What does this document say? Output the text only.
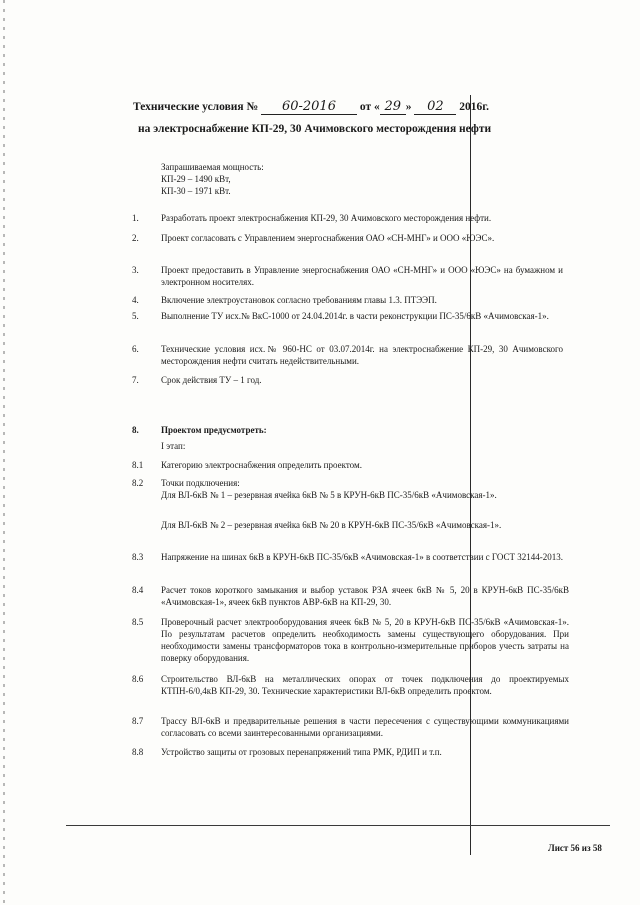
Технические условия № 60-2016 от « 29 » 02 2016г.
на электроснабжение КП-29, 30 Ачимовского месторождения нефти
Запрашиваемая мощность:
КП-29 – 1490 кВт,
КП-30 – 1971 кВт.
1.	Разработать проект электроснабжения КП-29, 30 Ачимовского месторождения нефти.
2.	Проект согласовать с Управлением энергоснабжения ОАО «СН-МНГ» и ООО «ЮЭС».
3.	Проект предоставить в Управление энергоснабжения ОАО «СН-МНГ» и ООО «ЮЭС» на бумажном и электронном носителях.
4.	Включение электроустановок согласно требованиям главы 1.3. ПТЭЭП.
5.	Выполнение ТУ исх.№ ВкС-1000 от 24.04.2014г. в части реконструкции ПС-35/6кВ «Ачимовская-1».
6.	Технические условия исх.№ 960-НС от 03.07.2014г. на электроснабжение КП-29, 30 Ачимовского месторождения нефти считать недействительными.
7.	Срок действия ТУ – 1 год.
8.	Проектом предусмотреть:
I этап:
8.1	Категорию электроснабжения определить проектом.
8.2	Точки подключения:
Для ВЛ-6кВ № 1 – резервная ячейка 6кВ № 5 в КРУН-6кВ ПС-35/6кВ «Ачимовская-1».
Для ВЛ-6кВ № 2 – резервная ячейка 6кВ № 20 в КРУН-6кВ ПС-35/6кВ «Ачимовская-1».
8.3	Напряжение на шинах 6кВ в КРУН-6кВ ПС-35/6кВ «Ачимовская-1» в соответствии с ГОСТ 32144-2013.
8.4	Расчет токов короткого замыкания и выбор уставок РЗА ячеек 6кВ № 5, 20 в КРУН-6кВ ПС-35/6кВ «Ачимовская-1», ячеек 6кВ пунктов АВР-6кВ на КП-29, 30.
8.5	Проверочный расчет электрооборудования ячеек 6кВ № 5, 20 в КРУН-6кВ ПС-35/6кВ «Ачимовская-1». По результатам расчетов определить необходимость замены существующего оборудования. При необходимости замены трансформаторов тока в контрольно-измерительные приборов учесть затраты на поверку оборудования.
8.6	Строительство ВЛ-6кВ на металлических опорах от точек подключения до проектируемых КТПН-6/0,4кВ КП-29, 30. Технические характеристики ВЛ-6кВ определить проектом.
8.7	Трассу ВЛ-6кВ и предварительные решения в части пересечения с существующими коммуникациями согласовать со всеми заинтересованными организациями.
8.8	Устройство защиты от грозовых перенапряжений типа РМК, РДИП и т.п.
Лист 56 из 58
